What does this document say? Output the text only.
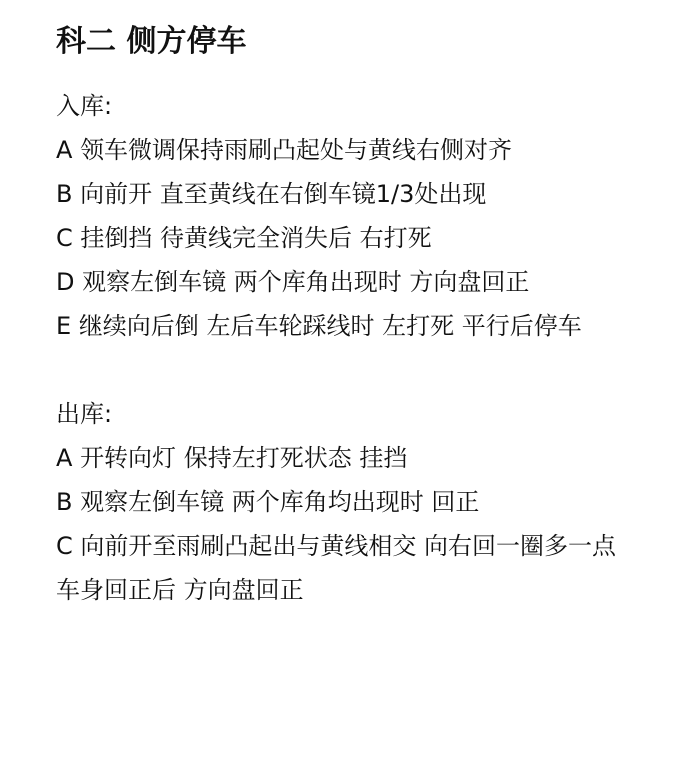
科二 侧方停车
入库:
A 领车微调保持雨刷凸起处与黄线右侧对齐
B 向前开 直至黄线在右倒车镜1/3处出现
C 挂倒挡 待黄线完全消失后 右打死
D 观察左倒车镜 两个库角出现时 方向盘回正
E 继续向后倒 左后车轮踩线时 左打死 平行后停车
出库:
A 开转向灯 保持左打死状态 挂挡
B 观察左倒车镜 两个库角均出现时 回正
C 向前开至雨刷凸起出与黄线相交 向右回一圈多一点 车身回正后 方向盘回正
